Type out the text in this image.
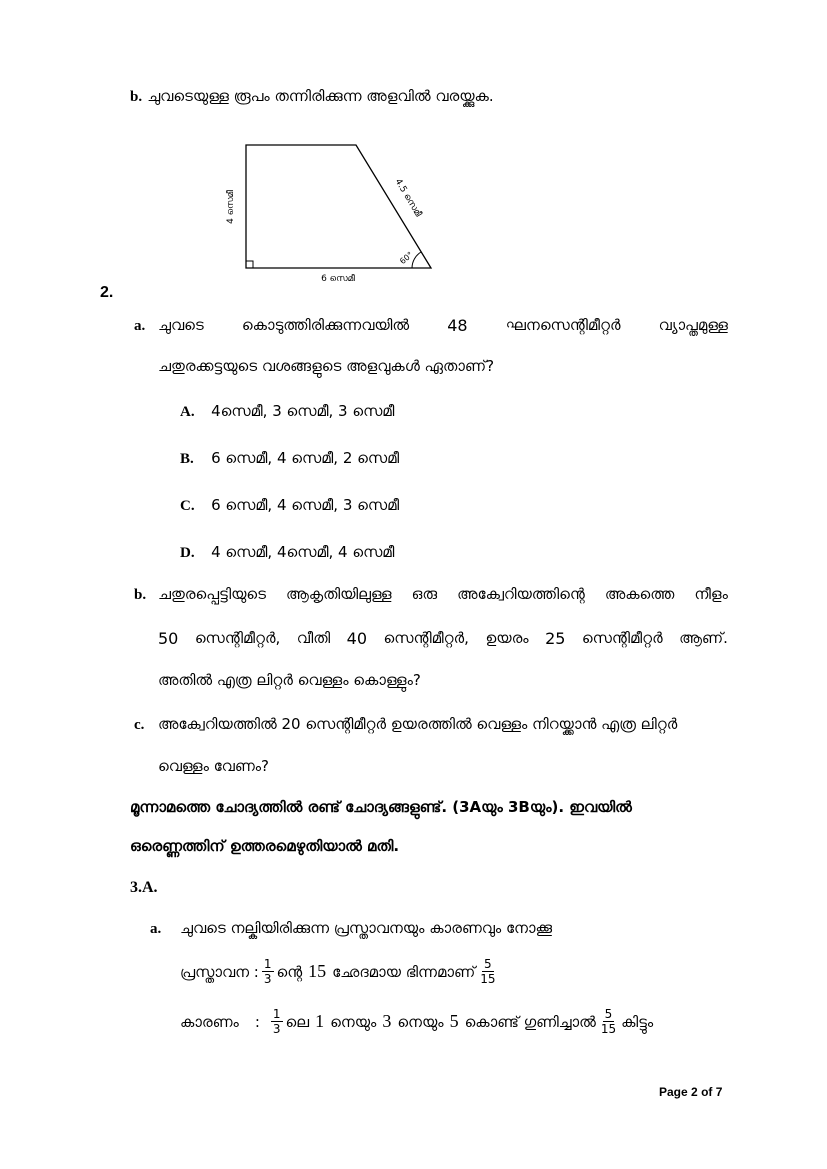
b. ചുവടെയുള്ള രൂപം തന്നിരിക്കുന്ന അളവിൽ വരയ്ക്കുക.
4 സെമീ
6 സെമീ
4.5 സെമീ
60°
2.
a. ചുവടെ	കൊടുത്തിരിക്കുന്നവയിൽ 48	ഘനസെന്റിമീറ്റർ	വ്യാപ്തമുള്ള
ചതുരക്കട്ടയുടെ വശങ്ങളുടെ അളവുകൾ ഏതാണ്?
A. 4സെമീ, 3 സെമീ, 3 സെമീ
B. 6 സെമീ, 4 സെമീ, 2 സെമീ
C. 6 സെമീ, 4 സെമീ, 3 സെമീ
D. 4 സെമീ, 4സെമീ, 4 സെമീ
b. ചതുരപ്പെട്ടിയുടെ ആകൃതിയിലുള്ള ഒരു അക്വേറിയത്തിന്റെ അകത്തെ നീളം
50 സെന്റിമീറ്റർ, വീതി 40 സെന്റിമീറ്റർ, ഉയരം 25 സെന്റിമീറ്റർ ആണ്.
അതിൽ എത്ര ലിറ്റർ വെള്ളം കൊള്ളും?
c. അക്വേറിയത്തിൽ 20 സെന്റിമീറ്റർ ഉയരത്തിൽ വെള്ളം നിറയ്ക്കാൻ എത്ര ലിറ്റർ
വെള്ളം വേണം?
മൂന്നാമത്തെ ചോദ്യത്തിൽ രണ്ട് ചോദ്യങ്ങളുണ്ട്. (3Aയും 3Bയും). ഇവയിൽ
ഒരെണ്ണത്തിന് ഉത്തരമെഴുതിയാൽ മതി.
3.A.
a. ചുവടെ നല്കിയിരിക്കുന്ന പ്രസ്താവനയും കാരണവും നോക്കൂ
പ്രസ്താവന : $\frac{1}{3}$ ന്റെ 15 ഛേദമായ ഭിന്നമാണ് $\frac{5}{15}$
കാരണം : $\frac{1}{3}$ ലെ 1 നെയും 3 നെയും 5 കൊണ്ട് ഗുണിച്ചാൽ $\frac{5}{15}$ കിട്ടും
Page 2 of 7
